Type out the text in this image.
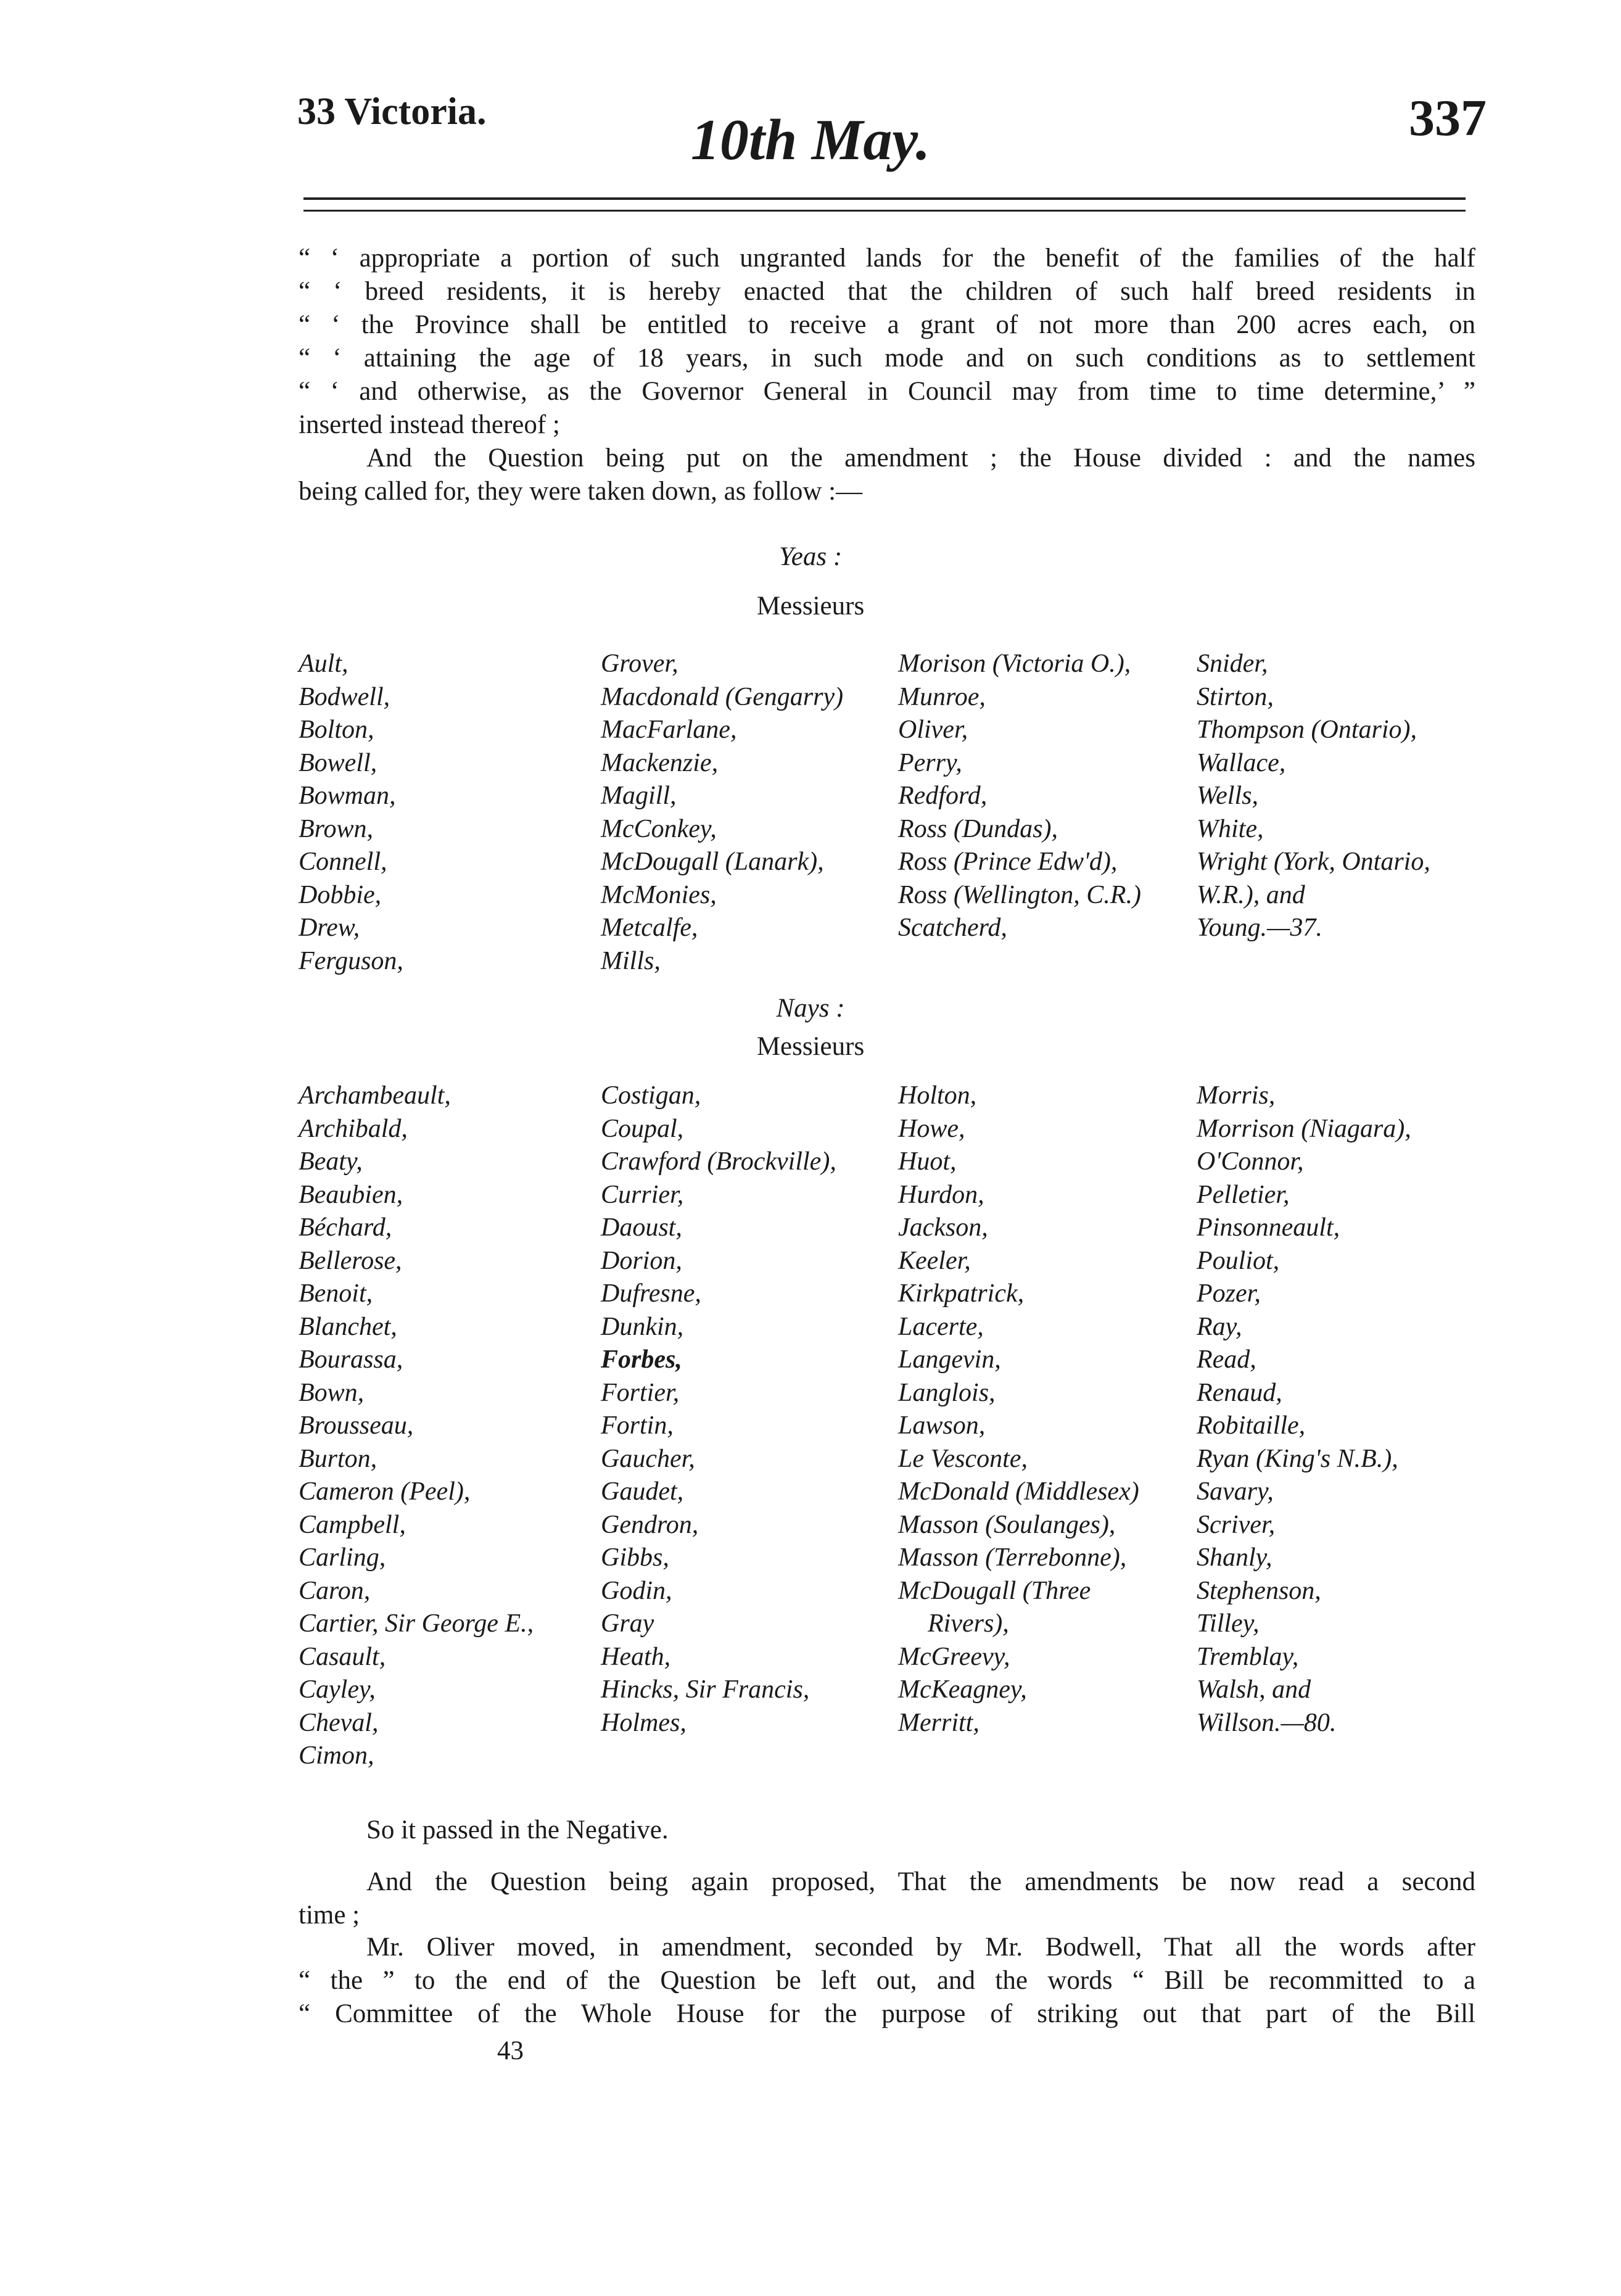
33 Victoria.	10th May.	337
“ ‘ appropriate a portion of such ungranted lands for the benefit of the families of the half
“ ‘ breed residents, it is hereby enacted that the children of such half breed residents in
“ ‘ the Province shall be entitled to receive a grant of not more than 200 acres each, on
“ ‘ attaining the age of 18 years, in such mode and on such conditions as to settlement
“ ‘ and otherwise, as the Governor General in Council may from time to time determine,’ ”
inserted instead thereof ;
And the Question being put on the amendment ; the House divided : and the names
being called for, they were taken down, as follow :—
Yeas :
Messieurs
Ault,
Bodwell,
Bolton,
Bowell,
Bowman,
Brown,
Connell,
Dobbie,
Drew,
Ferguson,
Grover,
Macdonald (Gengarry)
MacFarlane,
Mackenzie,
Magill,
McConkey,
McDougall (Lanark),
McMonies,
Metcalfe,
Mills,
Morison (Victoria O.),
Munroe,
Oliver,
Perry,
Redford,
Ross (Dundas),
Ross (Prince Edw'd),
Ross (Wellington, C.R.)
Scatcherd,
Snider,
Stirton,
Thompson (Ontario),
Wallace,
Wells,
White,
Wright (York, Ontario,
W.R.), and
Young.—37.
Nays :
Messieurs
Archambeault,
Archibald,
Beaty,
Beaubien,
Béchard,
Bellerose,
Benoit,
Blanchet,
Bourassa,
Bown,
Brousseau,
Burton,
Cameron (Peel),
Campbell,
Carling,
Caron,
Cartier, Sir George E.,
Casault,
Cayley,
Cheval,
Cimon,
Costigan,
Coupal,
Crawford (Brockville),
Currier,
Daoust,
Dorion,
Dufresne,
Dunkin,
Forbes,
Fortier,
Fortin,
Gaucher,
Gaudet,
Gendron,
Gibbs,
Godin,
Gray
Heath,
Hincks, Sir Francis,
Holmes,
Holton,
Howe,
Huot,
Hurdon,
Jackson,
Keeler,
Kirkpatrick,
Lacerte,
Langevin,
Langlois,
Lawson,
Le Vesconte,
McDonald (Middlesex)
Masson (Soulanges),
Masson (Terrebonne),
McDougall (Three
Rivers),
McGreevy,
McKeagney,
Merritt,
Morris,
Morrison (Niagara),
O'Connor,
Pelletier,
Pinsonneault,
Pouliot,
Pozer,
Ray,
Read,
Renaud,
Robitaille,
Ryan (King's N.B.),
Savary,
Scriver,
Shanly,
Stephenson,
Tilley,
Tremblay,
Walsh, and
Willson.—80.
So it passed in the Negative.
And the Question being again proposed, That the amendments be now read a second
time ;
Mr. Oliver moved, in amendment, seconded by Mr. Bodwell, That all the words after
“ the ” to the end of the Question be left out, and the words “ Bill be recommitted to a
“ Committee of the Whole House for the purpose of striking out that part of the Bill
43
